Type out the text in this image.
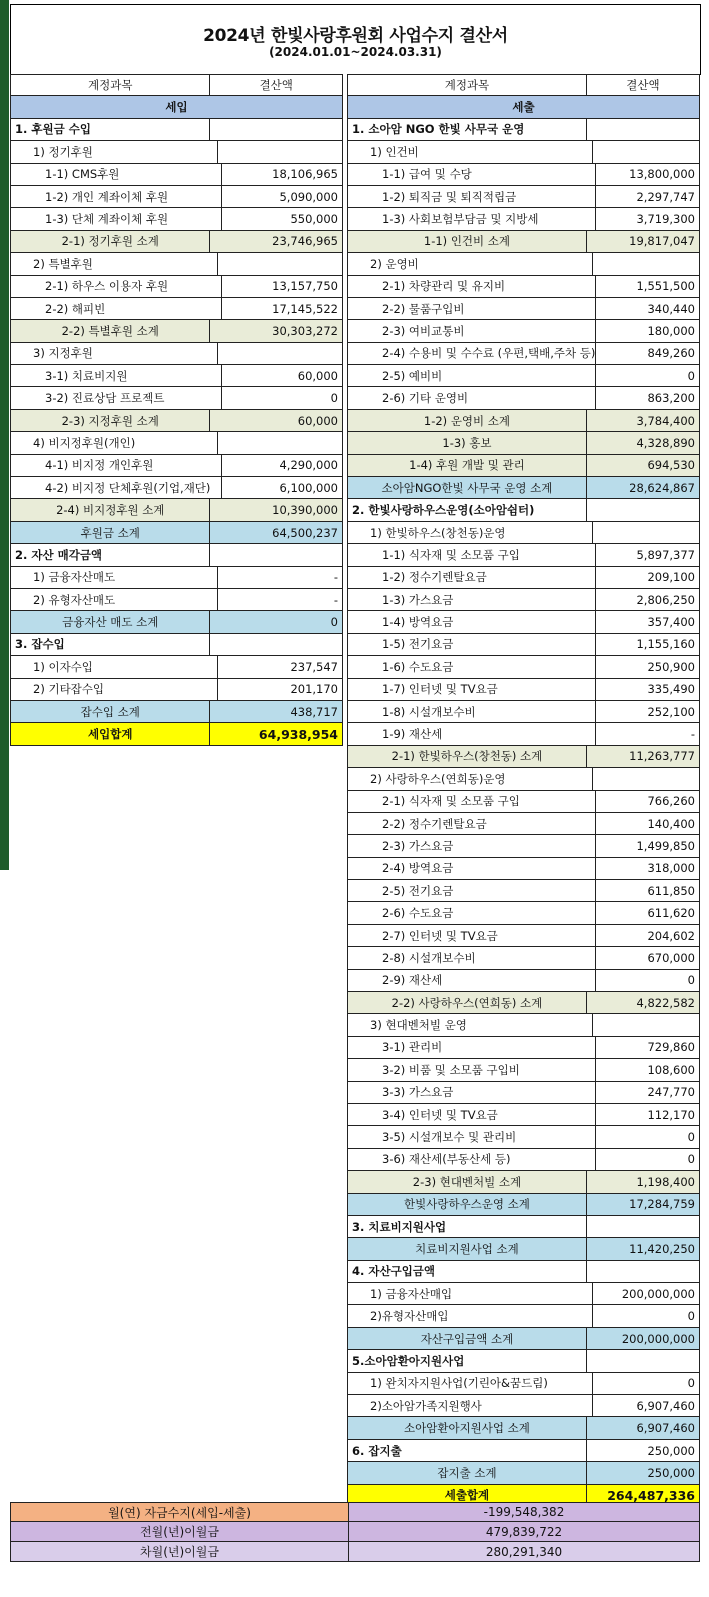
2024년 한빛사랑후원회 사업수지 결산서
(2024.01.01~2024.03.31)
계정과목	결산액
세입
1. 후원금 수입
1) 정기후원
1-1) CMS후원	18,106,965
1-2) 개인 계좌이체 후원	5,090,000
1-3) 단체 계좌이체 후원	550,000
2-1) 정기후원 소계	23,746,965
2) 특별후원
2-1) 하우스 이용자 후원	13,157,750
2-2) 해피빈	17,145,522
2-2) 특별후원 소계	30,303,272
3) 지정후원
3-1) 치료비지원	60,000
3-2) 진료상담 프로젝트	0
2-3) 지정후원 소계	60,000
4) 비지정후원(개인)
4-1) 비지정 개인후원	4,290,000
4-2) 비지정 단체후원(기업,재단)	6,100,000
2-4) 비지정후원 소계	10,390,000
후원금 소계	64,500,237
2. 자산 매각금액
1) 금융자산매도	-
2) 유형자산매도	-
금융자산 매도 소계	0
3. 잡수입
1) 이자수입	237,547
2) 기타잡수입	201,170
잡수입 소계	438,717
세입합계	64,938,954
계정과목	결산액
세출
1. 소아암 NGO 한빛 사무국 운영
1) 인건비
1-1) 급여 및 수당	13,800,000
1-2) 퇴직금 및 퇴직적립금	2,297,747
1-3) 사회보험부담금 및 지방세	3,719,300
1-1) 인건비 소계	19,817,047
2) 운영비
2-1) 차량관리 및 유지비	1,551,500
2-2) 물품구입비	340,440
2-3) 여비교통비	180,000
2-4) 수용비 및 수수료 (우편,택배,주차 등)	849,260
2-5) 예비비	0
2-6) 기타 운영비	863,200
1-2) 운영비 소계	3,784,400
1-3) 홍보	4,328,890
1-4) 후원 개발 및 관리	694,530
소아암NGO한빛 사무국 운영 소계	28,624,867
2. 한빛사랑하우스운영(소아암쉼터)
1) 한빛하우스(창천동)운영
1-1) 식자재 및 소모품 구입	5,897,377
1-2) 정수기렌탈요금	209,100
1-3) 가스요금	2,806,250
1-4) 방역요금	357,400
1-5) 전기요금	1,155,160
1-6) 수도요금	250,900
1-7) 인터넷 및 TV요금	335,490
1-8) 시설개보수비	252,100
1-9) 재산세	-
2-1) 한빛하우스(창천동) 소계	11,263,777
2) 사랑하우스(연희동)운영
2-1) 식자재 및 소모품 구입	766,260
2-2) 정수기렌탈요금	140,400
2-3) 가스요금	1,499,850
2-4) 방역요금	318,000
2-5) 전기요금	611,850
2-6) 수도요금	611,620
2-7) 인터넷 및 TV요금	204,602
2-8) 시설개보수비	670,000
2-9) 재산세	0
2-2) 사랑하우스(연희동) 소계	4,822,582
3) 현대벤처빌 운영
3-1) 관리비	729,860
3-2) 비품 및 소모품 구입비	108,600
3-3) 가스요금	247,770
3-4) 인터넷 및 TV요금	112,170
3-5) 시설개보수 및 관리비	0
3-6) 재산세(부동산세 등)	0
2-3) 현대벤처빌 소계	1,198,400
한빛사랑하우스운영 소계	17,284,759
3. 치료비지원사업
치료비지원사업 소계	11,420,250
4. 자산구입금액
1) 금융자산매입	200,000,000
2)유형자산매입	0
자산구입금액 소계	200,000,000
5.소아암환아지원사업
1) 완치자지원사업(기린아&꿈드림)	0
2)소아암가족지원행사	6,907,460
소아암환아지원사업 소계	6,907,460
6. 잡지출	250,000
잡지출 소계	250,000
세출합계	264,487,336
월(연) 자금수지(세입-세출)	-199,548,382
전월(년)이월금	479,839,722
차월(년)이월금	280,291,340
